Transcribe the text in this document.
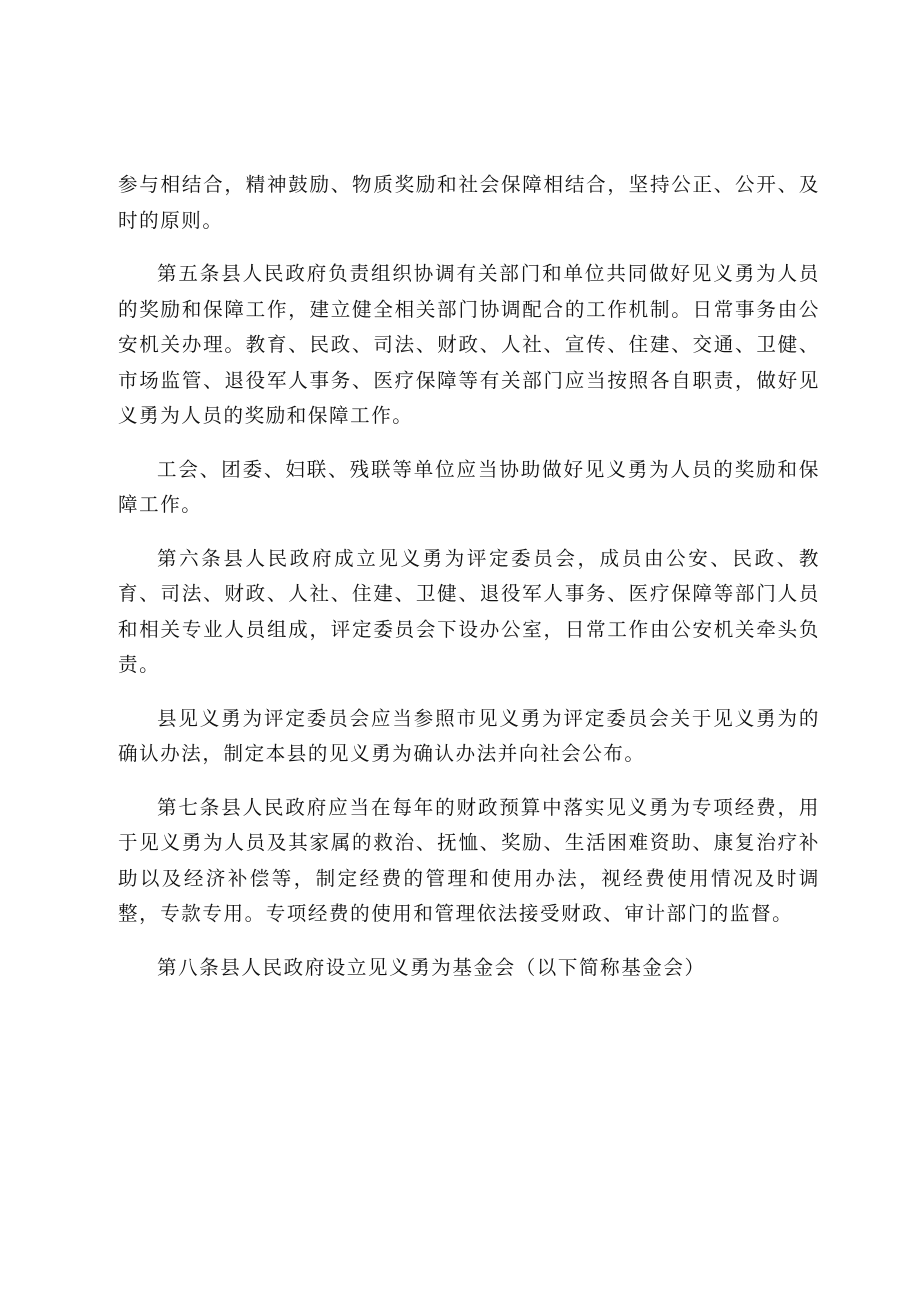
参与相结合，精神鼓励、物质奖励和社会保障相结合，坚持公正、公开、及时的原则。

第五条县人民政府负责组织协调有关部门和单位共同做好见义勇为人员的奖励和保障工作，建立健全相关部门协调配合的工作机制。日常事务由公安机关办理。教育、民政、司法、财政、人社、宣传、住建、交通、卫健、市场监管、退役军人事务、医疗保障等有关部门应当按照各自职责，做好见义勇为人员的奖励和保障工作。

工会、团委、妇联、残联等单位应当协助做好见义勇为人员的奖励和保障工作。

第六条县人民政府成立见义勇为评定委员会，成员由公安、民政、教育、司法、财政、人社、住建、卫健、退役军人事务、医疗保障等部门人员和相关专业人员组成，评定委员会下设办公室，日常工作由公安机关牵头负责。

县见义勇为评定委员会应当参照市见义勇为评定委员会关于见义勇为的确认办法，制定本县的见义勇为确认办法并向社会公布。

第七条县人民政府应当在每年的财政预算中落实见义勇为专项经费，用于见义勇为人员及其家属的救治、抚恤、奖励、生活困难资助、康复治疗补助以及经济补偿等，制定经费的管理和使用办法，视经费使用情况及时调整，专款专用。专项经费的使用和管理依法接受财政、审计部门的监督。

第八条县人民政府设立见义勇为基金会（以下简称基金会）
